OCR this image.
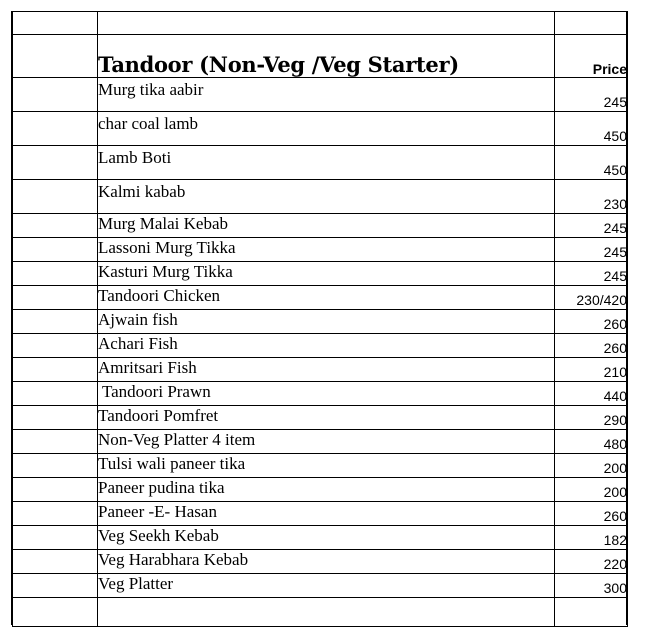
	Tandoor (Non-Veg /Veg Starter)	Price
	Murg tika aabir	245
	char coal lamb	450
	Lamb Boti	450
	Kalmi kabab	230
	Murg Malai Kebab	245
	Lassoni Murg Tikka	245
	Kasturi Murg Tikka	245
	Tandoori Chicken	230/420
	Ajwain fish	260
	Achari Fish	260
	Amritsari Fish	210
	Tandoori Prawn	440
	Tandoori Pomfret	290
	Non-Veg Platter 4 item	480
	Tulsi wali paneer tika	200
	Paneer pudina tika	200
	Paneer -E- Hasan	260
	Veg Seekh Kebab	182
	Veg Harabhara Kebab	220
	Veg Platter	300
